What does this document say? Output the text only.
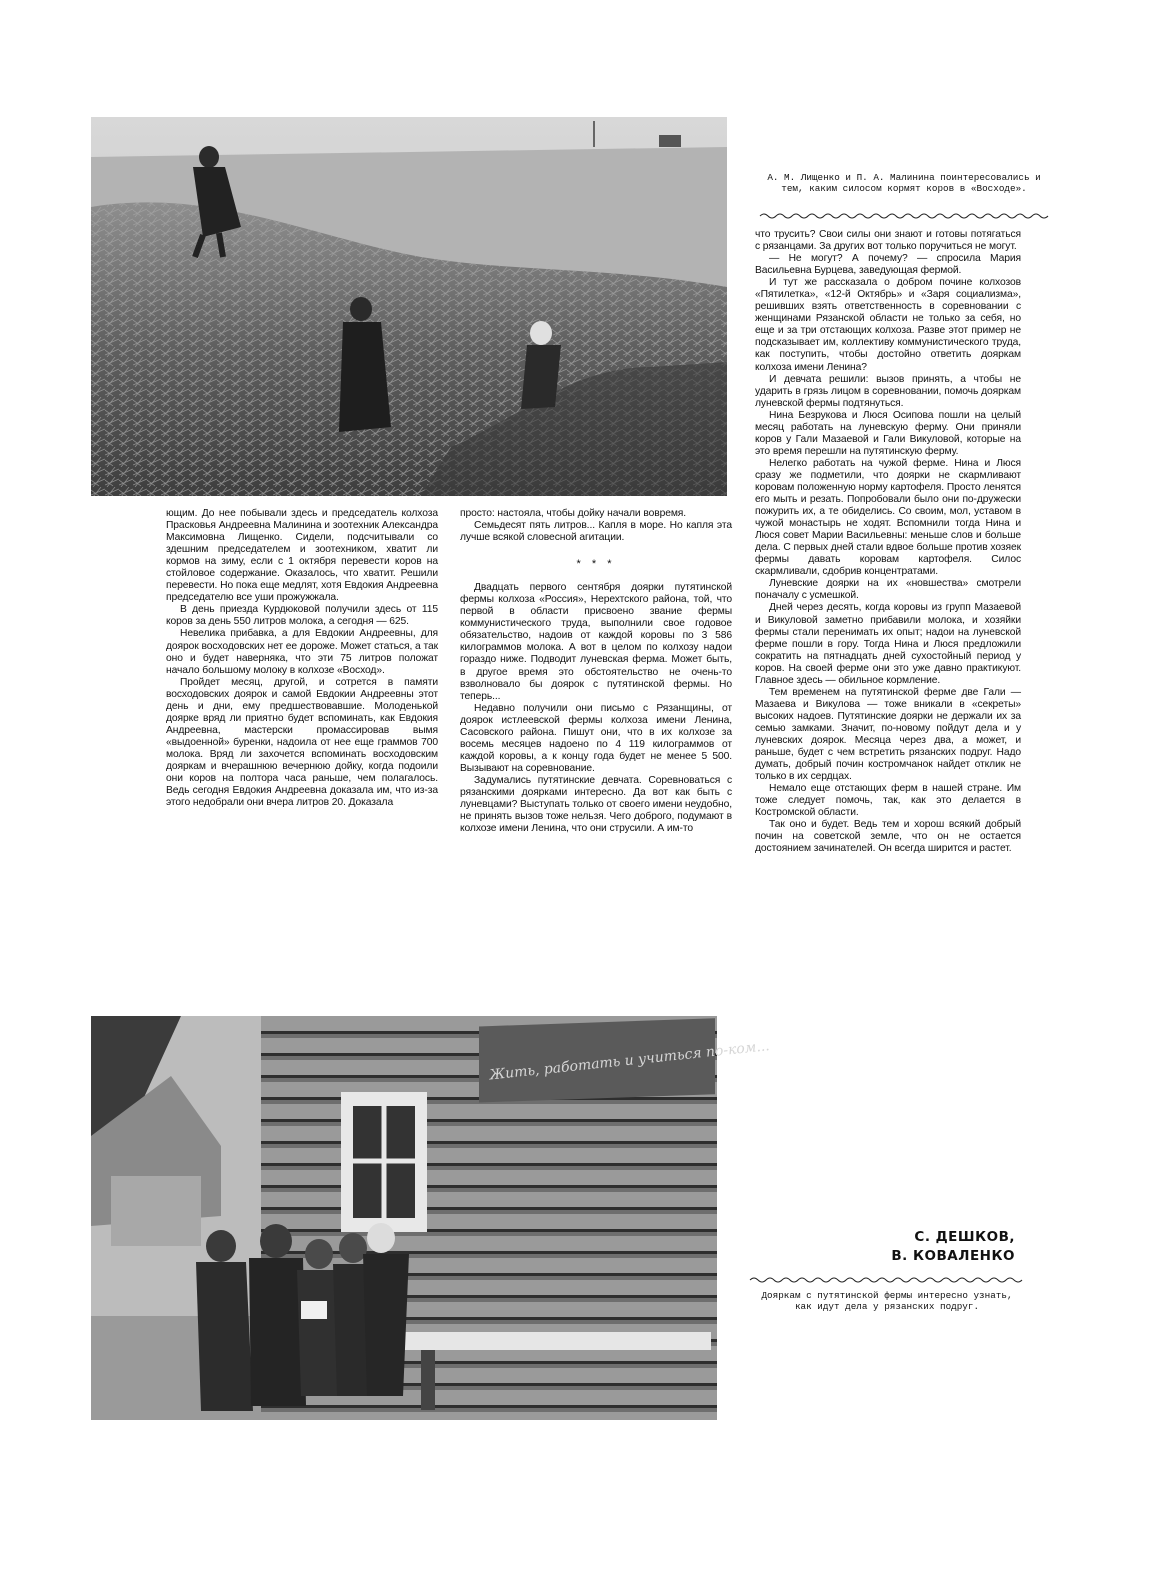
А. М. Лищенко и П. А. Малинина поинтересовались и тем, каким силосом кормят коров в «Восходе».

ющим. До нее побывали здесь и председатель колхоза Прасковья Андреевна Малинина и зоотехник Александра Максимовна Лищенко. Сидели, подсчитывали со здешним председателем и зоотехником, хватит ли кормов на зиму, если с 1 октября перевести коров на стойловое содержание. Оказалось, что хватит. Решили перевести. Но пока еще медлят, хотя Евдокия Андреевна председателю все уши прожужжала.

В день приезда Курдюковой получили здесь от 115 коров за день 550 литров молока, а сегодня — 625.

Невелика прибавка, а для Евдокии Андреевны, для доярок восходовских нет ее дороже. Может статься, а так оно и будет наверняка, что эти 75 литров положат начало большому молоку в колхозе «Восход».

Пройдет месяц, другой, и сотрется в памяти восходовских доярок и самой Евдокии Андреевны этот день и дни, ему предшествовавшие. Молоденькой доярке вряд ли приятно будет вспоминать, как Евдокия Андреевна, мастерски промассировав вымя «выдоенной» буренки, надоила от нее еще граммов 700 молока. Вряд ли захочется вспоминать восходовским дояркам и вчерашнюю вечернюю дойку, когда подоили они коров на полтора часа раньше, чем полагалось. Ведь сегодня Евдокия Андреевна доказала им, что из-за этого недобрали они вчера литров 20. Доказала

просто: настояла, чтобы дойку начали вовремя.

Семьдесят пять литров... Капля в море. Но капля эта лучше всякой словесной агитации.

* * *

Двадцать первого сентября доярки путятинской фермы колхоза «Россия», Нерехтского района, той, что первой в области присвоено звание фермы коммунистического труда, выполнили свое годовое обязательство, надоив от каждой коровы по 3 586 килограммов молока. А вот в целом по колхозу надои гораздо ниже. Подводит луневская ферма. Может быть, в другое время это обстоятельство не очень-то взволновало бы доярок с путятинской фермы. Но теперь...

Недавно получили они письмо с Рязанщины, от доярок истлеевской фермы колхоза имени Ленина, Сасовского района. Пишут они, что в их колхозе за восемь месяцев надоено по 4 119 килограммов от каждой коровы, а к концу года будет не менее 5 500. Вызывают на соревнование.

Задумались путятинские девчата. Соревноваться с рязанскими доярками интересно. Да вот как быть с луневцами? Выступать только от своего имени неудобно, не принять вызов тоже нельзя. Чего доброго, подумают в колхозе имени Ленина, что они струсили. А им-то

что трусить? Свои силы они знают и готовы потягаться с рязанцами. За других вот только поручиться не могут.

— Не могут? А почему? — спросила Мария Васильевна Бурцева, заведующая фермой.

И тут же рассказала о добром почине колхозов «Пятилетка», «12-й Октябрь» и «Заря социализма», решивших взять ответственность в соревновании с женщинами Рязанской области не только за себя, но еще и за три отстающих колхоза. Разве этот пример не подсказывает им, коллективу коммунистического труда, как поступить, чтобы достойно ответить дояркам колхоза имени Ленина?

И девчата решили: вызов принять, а чтобы не ударить в грязь лицом в соревновании, помочь дояркам луневской фермы подтянуться.

Нина Безрукова и Люся Осипова пошли на целый месяц работать на луневскую ферму. Они приняли коров у Гали Мазаевой и Гали Викуловой, которые на это время перешли на путятинскую ферму.

Нелегко работать на чужой ферме. Нина и Люся сразу же подметили, что доярки не скармливают коровам положенную норму картофеля. Просто ленятся его мыть и резать. Попробовали было они по-дружески пожурить их, а те обиделись. Со своим, мол, уставом в чужой монастырь не ходят. Вспомнили тогда Нина и Люся совет Марии Васильевны: меньше слов и больше дела. С первых дней стали вдвое больше против хозяек фермы давать коровам картофеля. Силос скармливали, сдобрив концентратами.

Луневские доярки на их «новшества» смотрели поначалу с усмешкой.

Дней через десять, когда коровы из групп Мазаевой и Викуловой заметно прибавили молока, и хозяйки фермы стали перенимать их опыт; надои на луневской ферме пошли в гору. Тогда Нина и Люся предложили сократить на пятнадцать дней сухостойный период у коров. На своей ферме они это уже давно практикуют. Главное здесь — обильное кормление.

Тем временем на путятинской ферме две Гали — Мазаева и Викулова — тоже вникали в «секреты» высоких надоев. Путятинские доярки не держали их за семью замками. Значит, по-новому пойдут дела и у луневских доярок. Месяца через два, а может, и раньше, будет с чем встретить рязанских подруг. Надо думать, добрый почин костромчанок найдет отклик не только в их сердцах.

Немало еще отстающих ферм в нашей стране. Им тоже следует помочь, так, как это делается в Костромской области.

Так оно и будет. Ведь тем и хорош всякий добрый почин на советской земле, что он не остается достоянием зачинателей. Он всегда ширится и растет.

С. ДЕШКОВ,
В. КОВАЛЕНКО
Дояркам с путятинской фермы интересно узнать, как идут дела у рязанских подруг.
Жить, работать и учиться по-ком...
